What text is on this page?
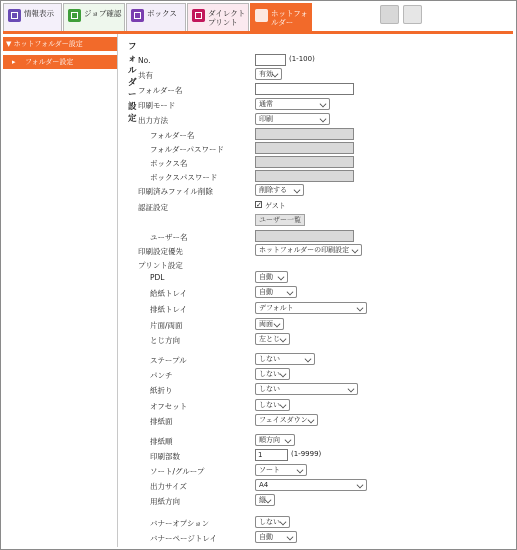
情報表示	ジョブ確認	ボックス	ダイレクトプリント
ホットフォルダー
▼ ホットフォルダー設定
▸ フォルダー設定
フォルダー設定
No.	(1-100)
共有	有効
フォルダー名
印刷モード	通常
出力方法	印刷
フォルダー名
フォルダーパスワード
ボックス名
ボックスパスワード
印刷済みファイル削除	削除する
認証設定	✓ ゲスト
ユーザー一覧
ユーザー名
印刷設定優先	ホットフォルダーの印刷設定
プリント設定
PDL	自動
給紙トレイ	自動
排紙トレイ	デフォルト
片面/両面	両面
とじ方向	左とじ
ステープル	しない
パンチ	しない
紙折り	しない
オフセット	しない
排紙面	フェイスダウン
排紙順	順方向
印刷部数	1	(1-9999)
ソート/グループ	ソート
出力サイズ	A4
用紙方向	縦
バナーオプション	しない
バナーページトレイ	自動
